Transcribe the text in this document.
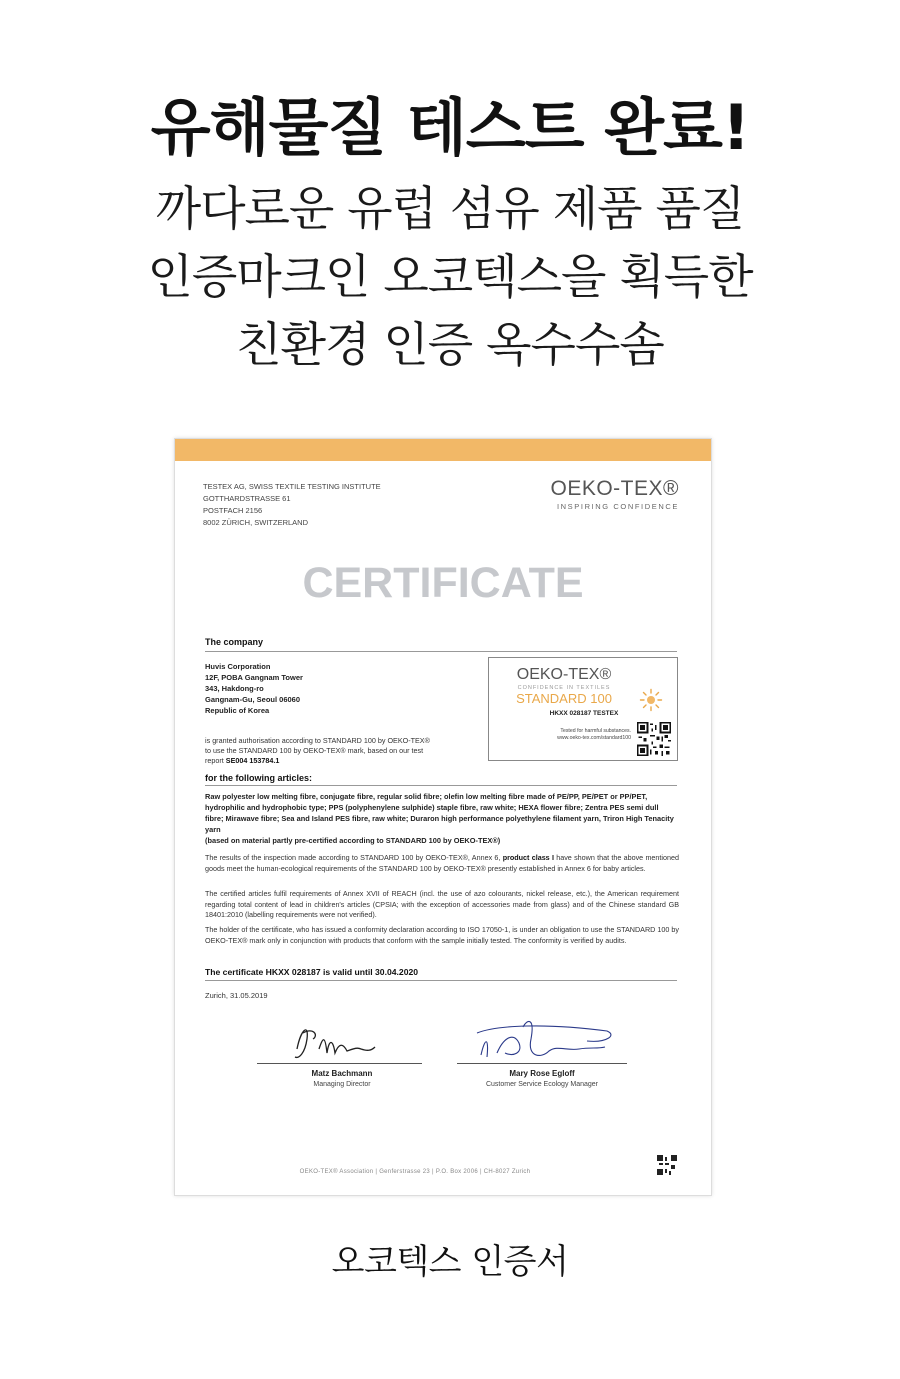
유해물질 테스트 완료!
까다로운 유럽 섬유 제품 품질
인증마크인 오코텍스을 획득한
친환경 인증 옥수수솜
TESTEX AG, SWISS TEXTILE TESTING INSTITUTE
GOTTHARDSTRASSE 61
POSTFACH 2156
8002 ZÜRICH, SWITZERLAND
OEKO-TEX®
INSPIRING CONFIDENCE
CERTIFICATE
The company
Huvis Corporation
12F, POBA Gangnam Tower
343, Hakdong-ro
Gangnam-Gu, Seoul 06060
Republic of Korea
is granted authorisation according to STANDARD 100 by OEKO-TEX®
to use the STANDARD 100 by OEKO-TEX® mark, based on our test
report SE004 153784.1
OEKO-TEX®
CONFIDENCE IN TEXTILES
STANDARD 100
HKXX 028187 TESTEX
Tested for harmful substances.
www.oeko-tex.com/standard100
for the following articles:
Raw polyester low melting fibre, conjugate fibre, regular solid fibre; olefin low melting fibre made of PE/PP, PE/PET or PP/PET, hydrophilic and hydrophobic type; PPS (polyphenylene sulphide) staple fibre, raw white; HEXA flower fibre; Zentra PES semi dull fibre; Mirawave fibre; Sea and Island PES fibre, raw white; Duraron high performance polyethylene filament yarn, Triron High Tenacity yarn
(based on material partly pre-certified according to STANDARD 100 by OEKO-TEX®)
The results of the inspection made according to STANDARD 100 by OEKO-TEX®, Annex 6, product class I have shown that the above mentioned goods meet the human-ecological requirements of the STANDARD 100 by OEKO-TEX® presently established in Annex 6 for baby articles.
The certified articles fulfil requirements of Annex XVII of REACH (incl. the use of azo colourants, nickel release, etc.), the American requirement regarding total content of lead in children's articles (CPSIA; with the exception of accessories made from glass) and of the Chinese standard GB 18401:2010 (labelling requirements were not verified).
The holder of the certificate, who has issued a conformity declaration according to ISO 17050-1, is under an obligation to use the STANDARD 100 by OEKO-TEX® mark only in conjunction with products that conform with the sample initially tested. The conformity is verified by audits.
The certificate HKXX 028187 is valid until 30.04.2020
Zurich, 31.05.2019
Matz Bachmann
Managing Director
Mary Rose Egloff
Customer Service Ecology Manager
OEKO-TEX® Association | Genferstrasse 23 | P.O. Box 2006 | CH-8027 Zurich
오코텍스 인증서
